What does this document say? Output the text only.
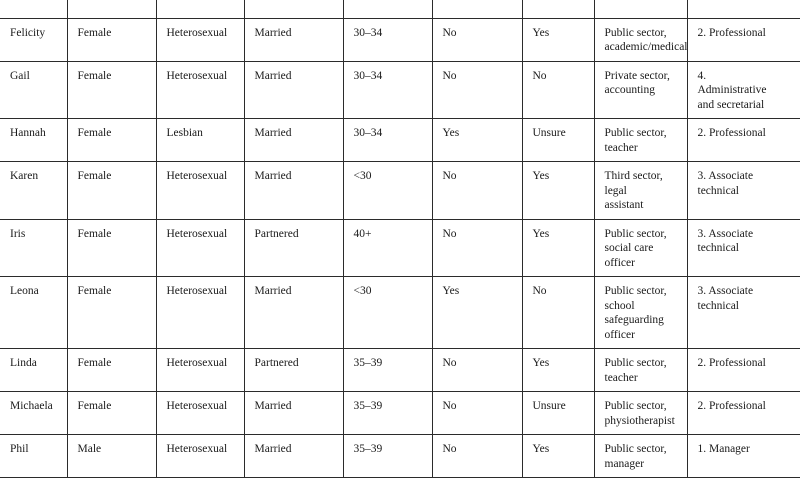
Felicity	Female	Heterosexual	Married	30–34	No	Yes	Public sector,
academic/medical	2. Professional

Gail	Female	Heterosexual	Married	30–34	No	No	Private sector,
accounting	4.
Administrative
and secretarial

Hannah	Female	Lesbian	Married	30–34	Yes	Unsure	Public sector,
teacher	2. Professional

Karen	Female	Heterosexual	Married	<30	No	Yes	Third sector, legal
assistant	3. Associate
technical

Iris	Female	Heterosexual	Partnered	40+	No	Yes	Public sector,
social care officer	3. Associate
technical

Leona	Female	Heterosexual	Married	<30	Yes	No	Public sector,
school
safeguarding
officer	3. Associate
technical

Linda	Female	Heterosexual	Partnered	35–39	No	Yes	Public sector,
teacher	2. Professional

Michaela	Female	Heterosexual	Married	35–39	No	Unsure	Public sector,
physiotherapist	2. Professional

Phil	Male	Heterosexual	Married	35–39	No	Yes	Public sector,
manager	1. Manager
